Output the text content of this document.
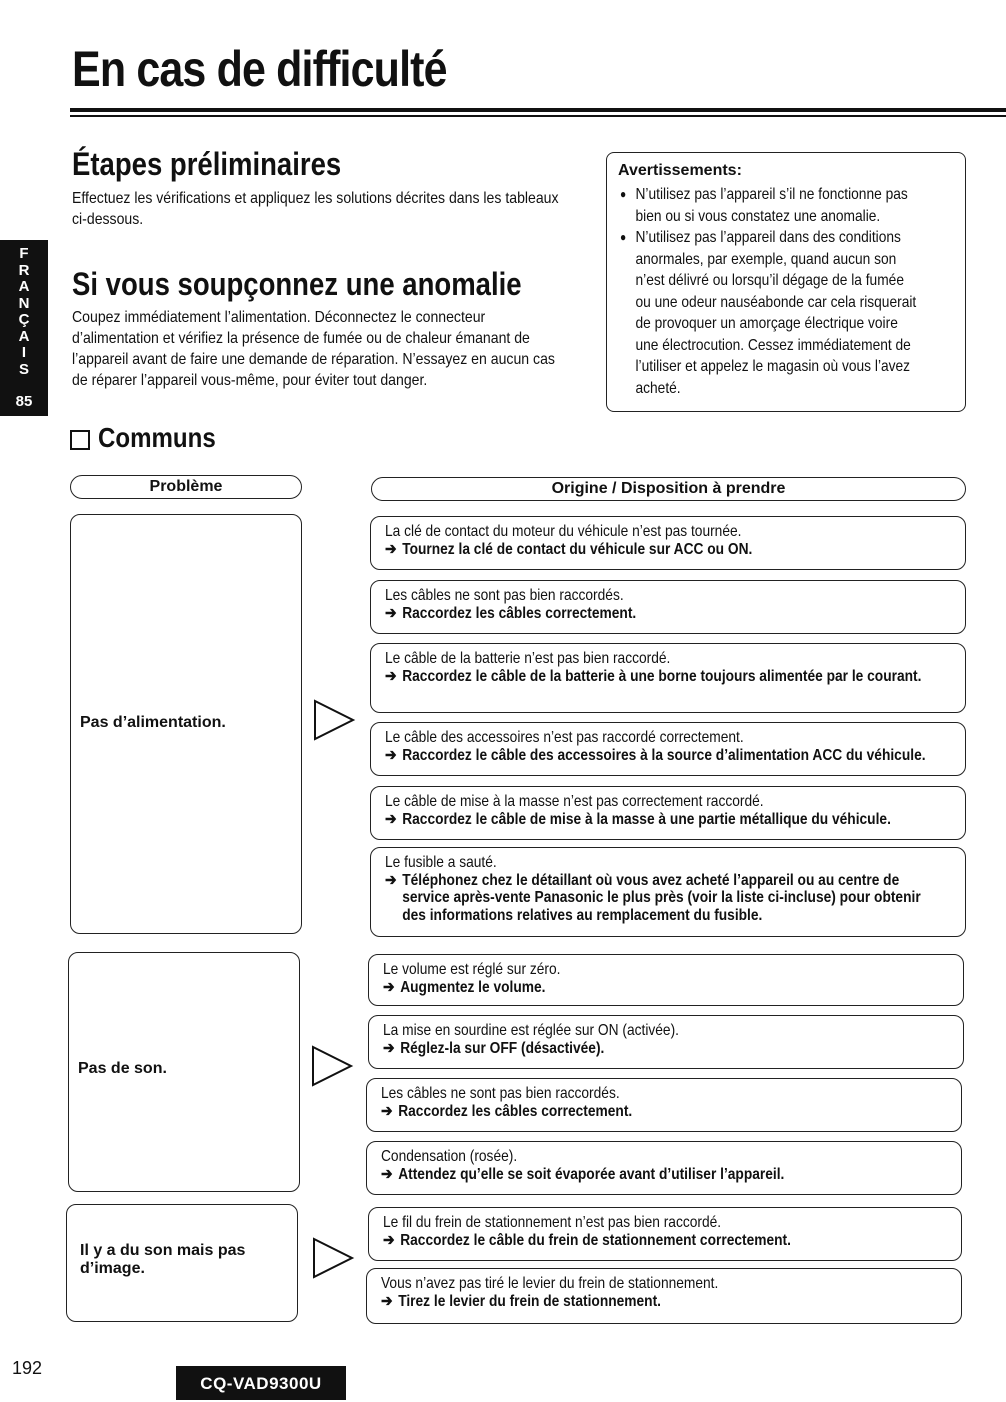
En cas de difficulté
F
R
A
N
Ç
A
I
S
85
Étapes préliminaires
Effectuez les vérifications et appliquez les solutions décrites dans les tableaux ci-dessous.
Si vous soupçonnez une anomalie
Coupez immédiatement l’alimentation. Déconnectez le connecteur d’alimentation et vérifiez la présence de fumée ou de chaleur émanant de l’appareil avant de faire une demande de réparation. N’essayez en aucun cas de réparer l’appareil vous-même, pour éviter tout danger.
Avertissements:
● N’utilisez pas l’appareil s’il ne fonctionne pas bien ou si vous constatez une anomalie.
● N’utilisez pas l’appareil dans des conditions anormales, par exemple, quand aucun son n’est délivré ou lorsqu’il dégage de la fumée ou une odeur nauséabonde car cela risquerait de provoquer un amorçage électrique voire une électrocution. Cessez immédiatement de l’utiliser et appelez le magasin où vous l’avez acheté.
Communs
Problème	Origine / Disposition à prendre
Pas d’alimentation.
La clé de contact du moteur du véhicule n’est pas tournée.
➔ Tournez la clé de contact du véhicule sur ACC ou ON.
Les câbles ne sont pas bien raccordés.
➔ Raccordez les câbles correctement.
Le câble de la batterie n’est pas bien raccordé.
➔ Raccordez le câble de la batterie à une borne toujours alimentée par le courant.
Le câble des accessoires n’est pas raccordé correctement.
➔ Raccordez le câble des accessoires à la source d’alimentation ACC du véhicule.
Le câble de mise à la masse n’est pas correctement raccordé.
➔ Raccordez le câble de mise à la masse à une partie métallique du véhicule.
Le fusible a sauté.
➔ Téléphonez chez le détaillant où vous avez acheté l’appareil ou au centre de service après-vente Panasonic le plus près (voir la liste ci-incluse) pour obtenir des informations relatives au remplacement du fusible.
Pas de son.
Le volume est réglé sur zéro.
➔ Augmentez le volume.
La mise en sourdine est réglée sur ON (activée).
➔ Réglez-la sur OFF (désactivée).
Les câbles ne sont pas bien raccordés.
➔ Raccordez les câbles correctement.
Condensation (rosée).
➔ Attendez qu’elle se soit évaporée avant d’utiliser l’appareil.
Il y a du son mais pas d’image.
Le fil du frein de stationnement n’est pas bien raccordé.
➔ Raccordez le câble du frein de stationnement correctement.
Vous n’avez pas tiré le levier du frein de stationnement.
➔ Tirez le levier du frein de stationnement.
192
CQ-VAD9300U
